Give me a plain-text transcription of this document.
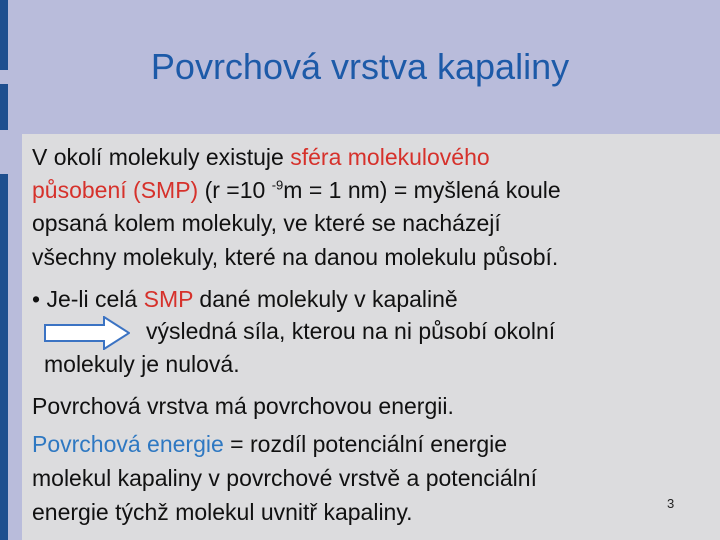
Povrchová vrstva kapaliny
V okolí molekuly existuje sféra molekulového
působení (SMP) (r =10 $^{-9}$m = 1 nm) = myšlená koule
opsaná kolem molekuly, ve které se nacházejí
všechny molekuly, které na danou molekulu působí.
• Je-li celá SMP dané molekuly v kapalině
výsledná síla, kterou na ni působí okolní
molekuly je nulová.
Povrchová vrstva má povrchovou energii.
Povrchová energie = rozdíl potenciální energie
molekul kapaliny v povrchové vrstvě a potenciální
energie týchž molekul uvnitř kapaliny.	3
